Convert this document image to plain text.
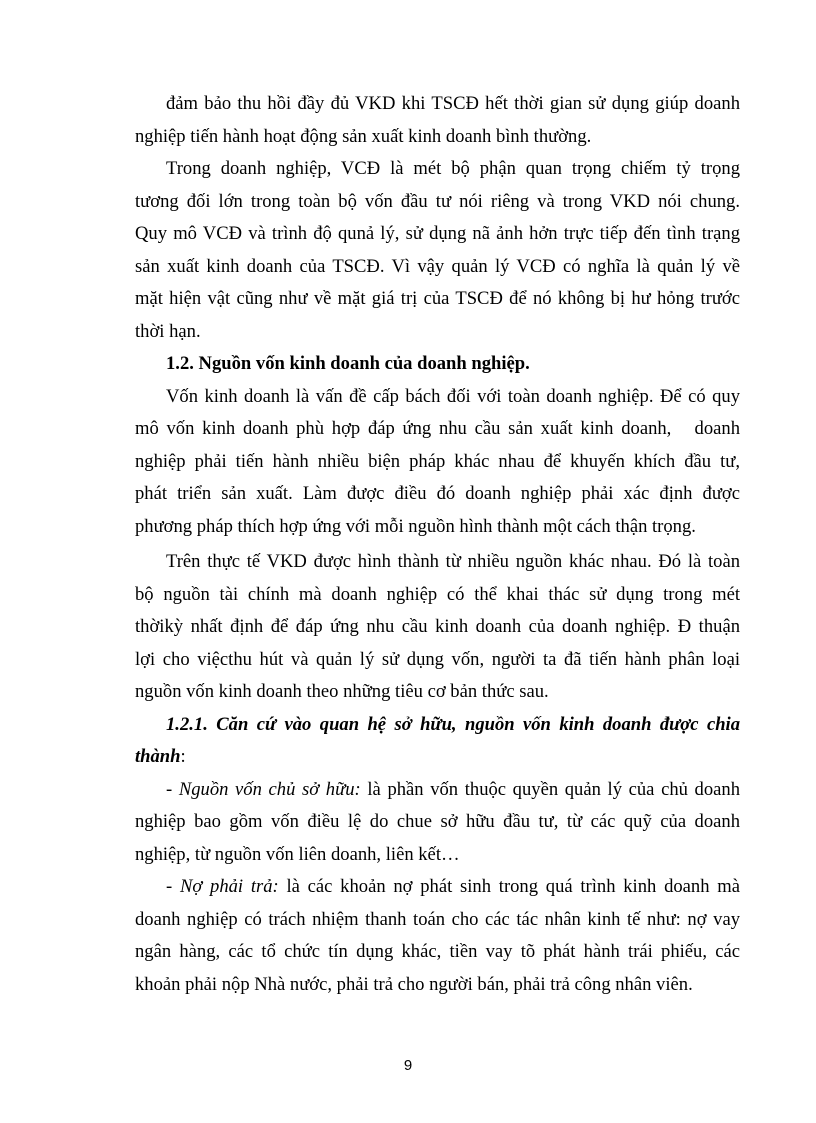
đảm bảo thu hồi đầy đủ VKD khi TSCĐ hết thời gian sử dụng giúp doanh
nghiệp tiến hành hoạt động sản xuất kinh doanh bình thường.
Trong doanh nghiệp, VCĐ là mét bộ phận quan trọng chiếm tỷ trọng
tương đối lớn trong toàn bộ vốn đầu tư nói riêng và trong VKD nói chung.
Quy mô VCĐ và trình độ qunả lý, sử dụng nã ảnh hởn trực tiếp đến tình trạng
sản xuất kinh doanh của TSCĐ. Vì vậy quản lý VCĐ có nghĩa là quản lý về
mặt hiện vật cũng như về mặt giá trị của TSCĐ để nó không bị hư hỏng trước
thời hạn.
1.2. Nguồn vốn kinh doanh của doanh nghiệp.
Vốn kinh doanh là vấn đề cấp bách đối với toàn doanh nghiệp. Để có quy
mô vốn kinh doanh phù hợp đáp ứng nhu cầu sản xuất kinh doanh,   doanh
nghiệp phải tiến hành nhiều biện pháp khác nhau để khuyến khích đầu tư,
phát triển sản xuất. Làm được điều đó doanh nghiệp phải xác định được
phương pháp thích hợp ứng với mỗi nguồn hình thành một cách thận trọng.
Trên thực tế VKD được hình thành từ nhiều nguồn khác nhau. Đó là toàn
bộ nguồn tài chính mà doanh nghiệp có thể khai thác sử dụng trong mét
thờikỳ nhất định để đáp ứng nhu cầu kinh doanh của doanh nghiệp. Đ thuận
lợi cho việcthu hút và quản lý sử dụng vốn, người ta đã tiến hành phân loại
nguồn vốn kinh doanh theo những tiêu cơ bản thức sau.
1.2.1. Căn cứ vào quan hệ sở hữu, nguồn vốn kinh doanh được chia
thành:
- Nguồn vốn chủ sở hữu: là phần vốn thuộc quyền quản lý của chủ doanh
nghiệp bao gồm vốn điều lệ do chue sở hữu đầu tư, từ các quỹ của doanh
nghiệp, từ nguồn vốn liên doanh, liên kết…
- Nợ phải trả: là các khoản nợ phát sinh trong quá trình kinh doanh mà
doanh nghiệp có trách nhiệm thanh toán cho các tác nhân kinh tế như: nợ vay
ngân hàng, các tổ chức tín dụng khác, tiền vay tõ phát hành trái phiếu, các
khoản phải nộp Nhà nước, phải trả cho người bán, phải trả công nhân viên.
9
